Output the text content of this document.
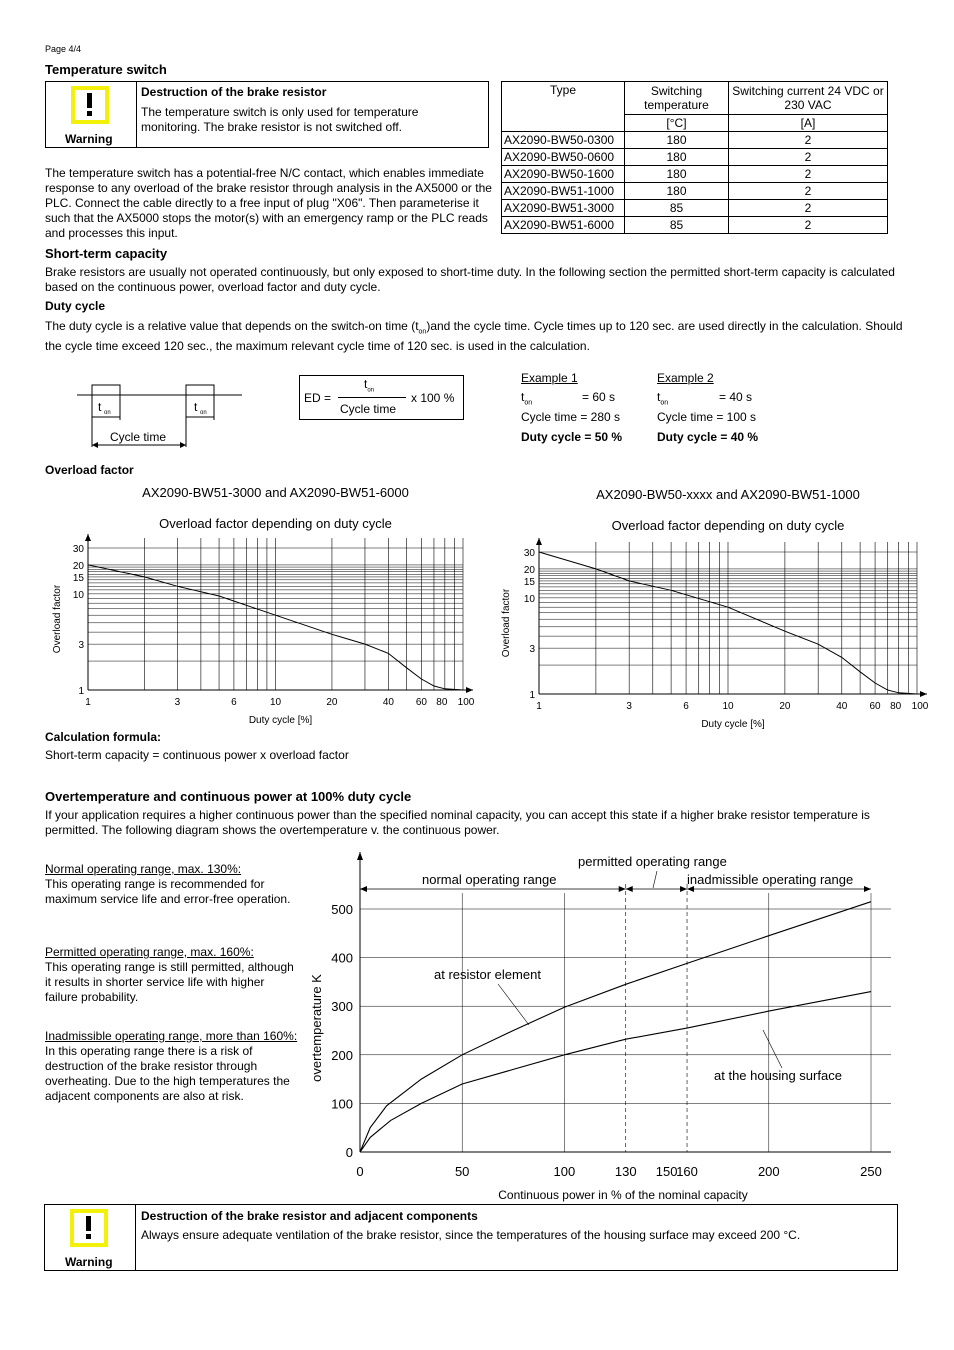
Page 4/4
Temperature switch
Warning
Destruction of the brake resistor
The temperature switch is only used for temperature monitoring. The brake resistor is not switched off.
The temperature switch has a potential-free N/C contact, which enables immediate response to any overload of the brake resistor through analysis in the AX5000 or the PLC. Connect the cable directly to a free input of plug "X06". Then parameterise it such that the AX5000 stops the motor(s) with an emergency ramp or the PLC reads and processes this input.
Type	Switching temperature	Switching current 24 VDC or 230 VAC
	[°C]	[A]
AX2090-BW50-0300	180	2
AX2090-BW50-0600	180	2
AX2090-BW50-1600	180	2
AX2090-BW51-1000	180	2
AX2090-BW51-3000	85	2
AX2090-BW51-6000	85	2
Short-term capacity
Brake resistors are usually not operated continuously, but only exposed to short-time duty. In the following section the permitted short-term capacity is calculated based on the continuous power, overload factor and duty cycle.
Duty cycle
The duty cycle is a relative value that depends on the switch-on time $(t_{on})and$ the cycle time. Cycle times up to 120 sec. are used directly in the calculation. Should the cycle time exceed 120 sec., the maximum relevant cycle time of 120 sec. is used in the calculation.
t on	t on
Cycle time
ED =
$t_{on}$
Cycle time
x 100 %
Example 1
$t_{on}$	= 60 s
Cycle time = 280 s
Duty cycle = 50 %
Example 2
$t_{on}$	= 40 s
Cycle time = 100 s
Duty cycle = 40 %
Overload factor
AX2090-BW51-3000 and AX2090-BW51-6000
Overload factor depending on duty cycle
1	3	6	10	20	40 60 80 100
1
3
10
15
20
30
Duty cycle [%]
Overload factor
AX2090-BW50-xxxx and AX2090-BW51-1000
Overload factor depending on duty cycle
1	3	6	10	20	40 60 80 100
1
3
10
15
20
30
Duty cycle [%]
Overload factor
Calculation formula:
Short-term capacity = continuous power x overload factor
Overtemperature and continuous power at 100% duty cycle
If your application requires a higher continuous power than the specified nominal capacity, you can accept this state if a higher brake resistor temperature is permitted. The following diagram shows the overtemperature v. the continuous power.
Normal operating range, max. 130%:
This operating range is recommended for maximum service life and error-free operation.
Permitted operating range, max. 160%:
This operating range is still permitted, although it results in shorter service life with higher failure probability.
Inadmissible operating range, more than 160%:
In this operating range there is a risk of destruction of the brake resistor through overheating. Due to the high temperatures the adjacent components are also at risk.
0	50	100	130 150
160	200	250
0
100
200
300
400
500
Continuous power in % of the nominal capacity
overtemperature K
permitted operating range
normal operating range	inadmissible operating range
at resistor element
at the housing surface
Warning
Destruction of the brake resistor and adjacent components
Always ensure adequate ventilation of the brake resistor, since the temperatures of the housing surface may exceed 200 °C.
